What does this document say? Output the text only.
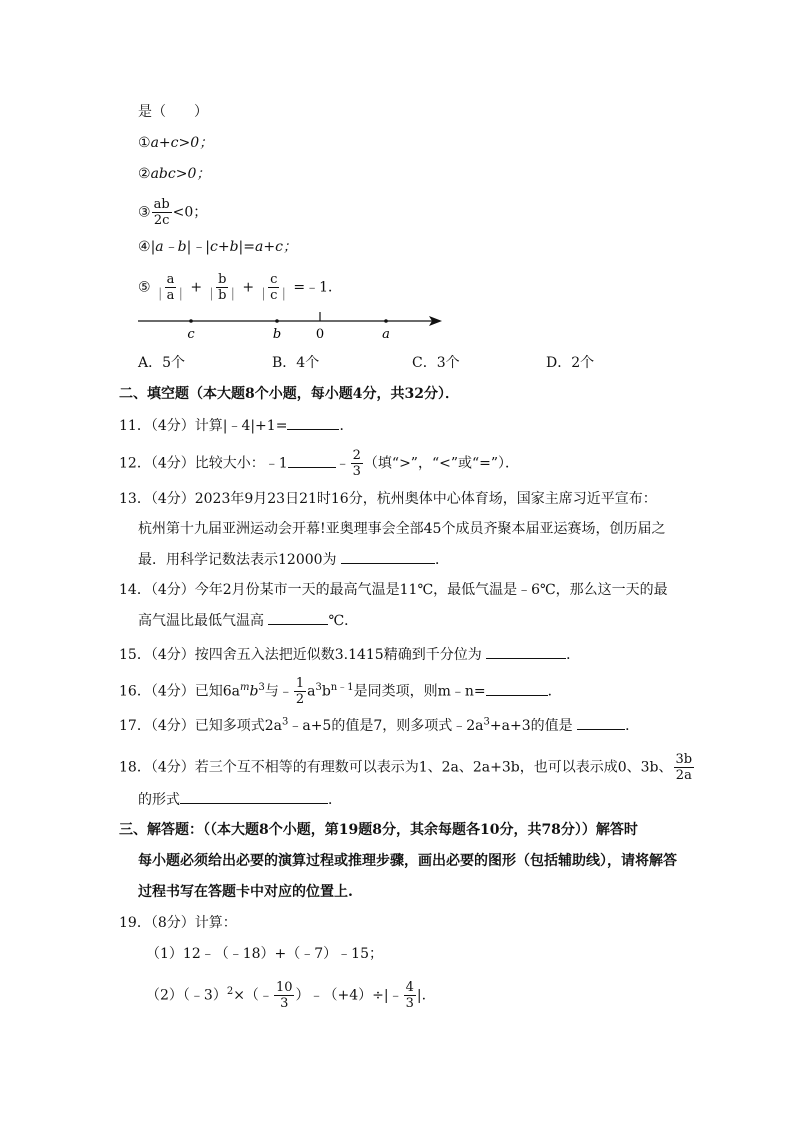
是（　　）
①a+c>0；
②abc>0；
③ $\frac{ab}{2c} <0$；
④|a﹣b|﹣|c+b|=a+c；
⑤ $\frac{a}{|a|} + \frac{b}{|b|} + \frac{c}{|c|}$ =﹣1．
c	b	0	a
A．5个	B．4个	C．3个	D．2个
二、填空题（本大题8个小题，每小题4分，共32分）．
11．（4分）计算|﹣4|+1=	．
12．（4分）比较大小：﹣1	﹣ $\frac{2}{3}$ （填“>”，“<”或“=”）．
13．（4分）2023年9月23日21时16分，杭州奥体中心体育场，国家主席习近平宣布：
杭州第十九届亚洲运动会开幕!亚奥理事会全部45个成员齐聚本届亚运赛场，创历届之
最．用科学记数法表示12000为	．
14．（4分）今年2月份某市一天的最高气温是11℃，最低气温是﹣6℃，那么这一天的最
高气温比最低气温高	℃．
15．（4分）按四舍五入法把近似数3.1415精确到千分位为	．
16．（4分）已知$6a^mb^3$与﹣ $\frac{1}{2} a^3b^{n﹣1}$是同类项，则m﹣n=	．
17．（4分）已知多项式$2a^3﹣a+5$的值是7，则多项式$﹣2a^3+a+3$的值是	．
18．（4分）若三个互不相等的有理数可以表示为1、2a、2a+3b，也可以表示成0、3b、 $\frac{3b}{2a}$
的形式	．
三、解答题：（（本大题8个小题，第19题8分，其余每题各10分，共78分））解答时
每小题必须给出必要的演算过程或推理步骤，画出必要的图形（包括辅助线），请将解答
过程书写在答题卡中对应的位置上.
19．（8分）计算：
（1）12﹣（﹣18）+（﹣7）﹣15；
（2）（﹣3）$^2$×（﹣ $\frac{10}{3}$ ）﹣（+4）÷|﹣ $\frac{4}{3}$ |.
